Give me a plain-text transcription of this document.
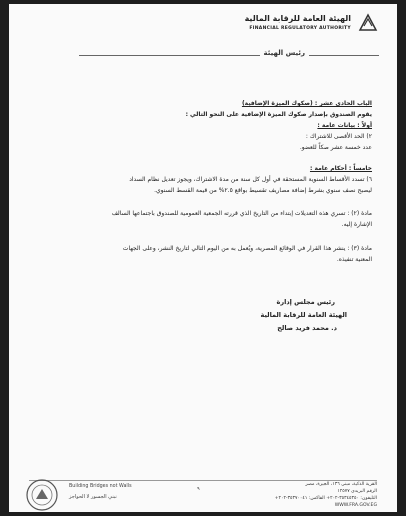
الهيئة العامة للرقابة المالية
FINANCIAL REGULATORY AUTHORITY
رئيس الهيئة
الباب الحادي عشر : (صكوك الميزة الإضافية)
يقوم الصندوق بإصدار صكوك الميزة الإضافية على النحو التالي :
أولاً : بيانات عامة :
٢) الحد الأقصى للاشتراك :
عدد خمسة عشر صكاً للعضو.
خامساً : أحكام عامة :
٦) تسدد الأقساط السنوية المستحقة في أول كل سنة من مدة الاشتراك، ويجوز تعديل نظام السداد
ليصبح نصف سنوي بشرط إضافة مصاريف تقسيط بواقع ٢.٥% من قيمة القسط السنوي.
مادة (٢) : تسري هذه التعديلات إبتداء من التاريخ الذي قررته الجمعية العمومية للصندوق باجتماعها السالف
الإشارة إليه.
مادة (٣) : ينشر هذا القرار في الوقائع المصرية، ويُعمل به من اليوم التالي لتاريخ النشر، وعلى الجهات
المعنية تنفيذه.
رئيس مجلس إدارة
الهيئة العامة للرقابة المالية
د. محمد فريد صالح
Building Bridges not Walls
نبني الجسور لا الحواجز
٩
القرية الذكية، مبنى ١٣٦، الجيزة، مصر
الرقم البريدي ١٢٥٧٧
التليفون: ٣٥٣٤٥٣٥٠-٢٠٢+ الفاكس: ٣٥٣٧٠٠٤١-٢٠٢+
WWW.FRA.GOV.EG
